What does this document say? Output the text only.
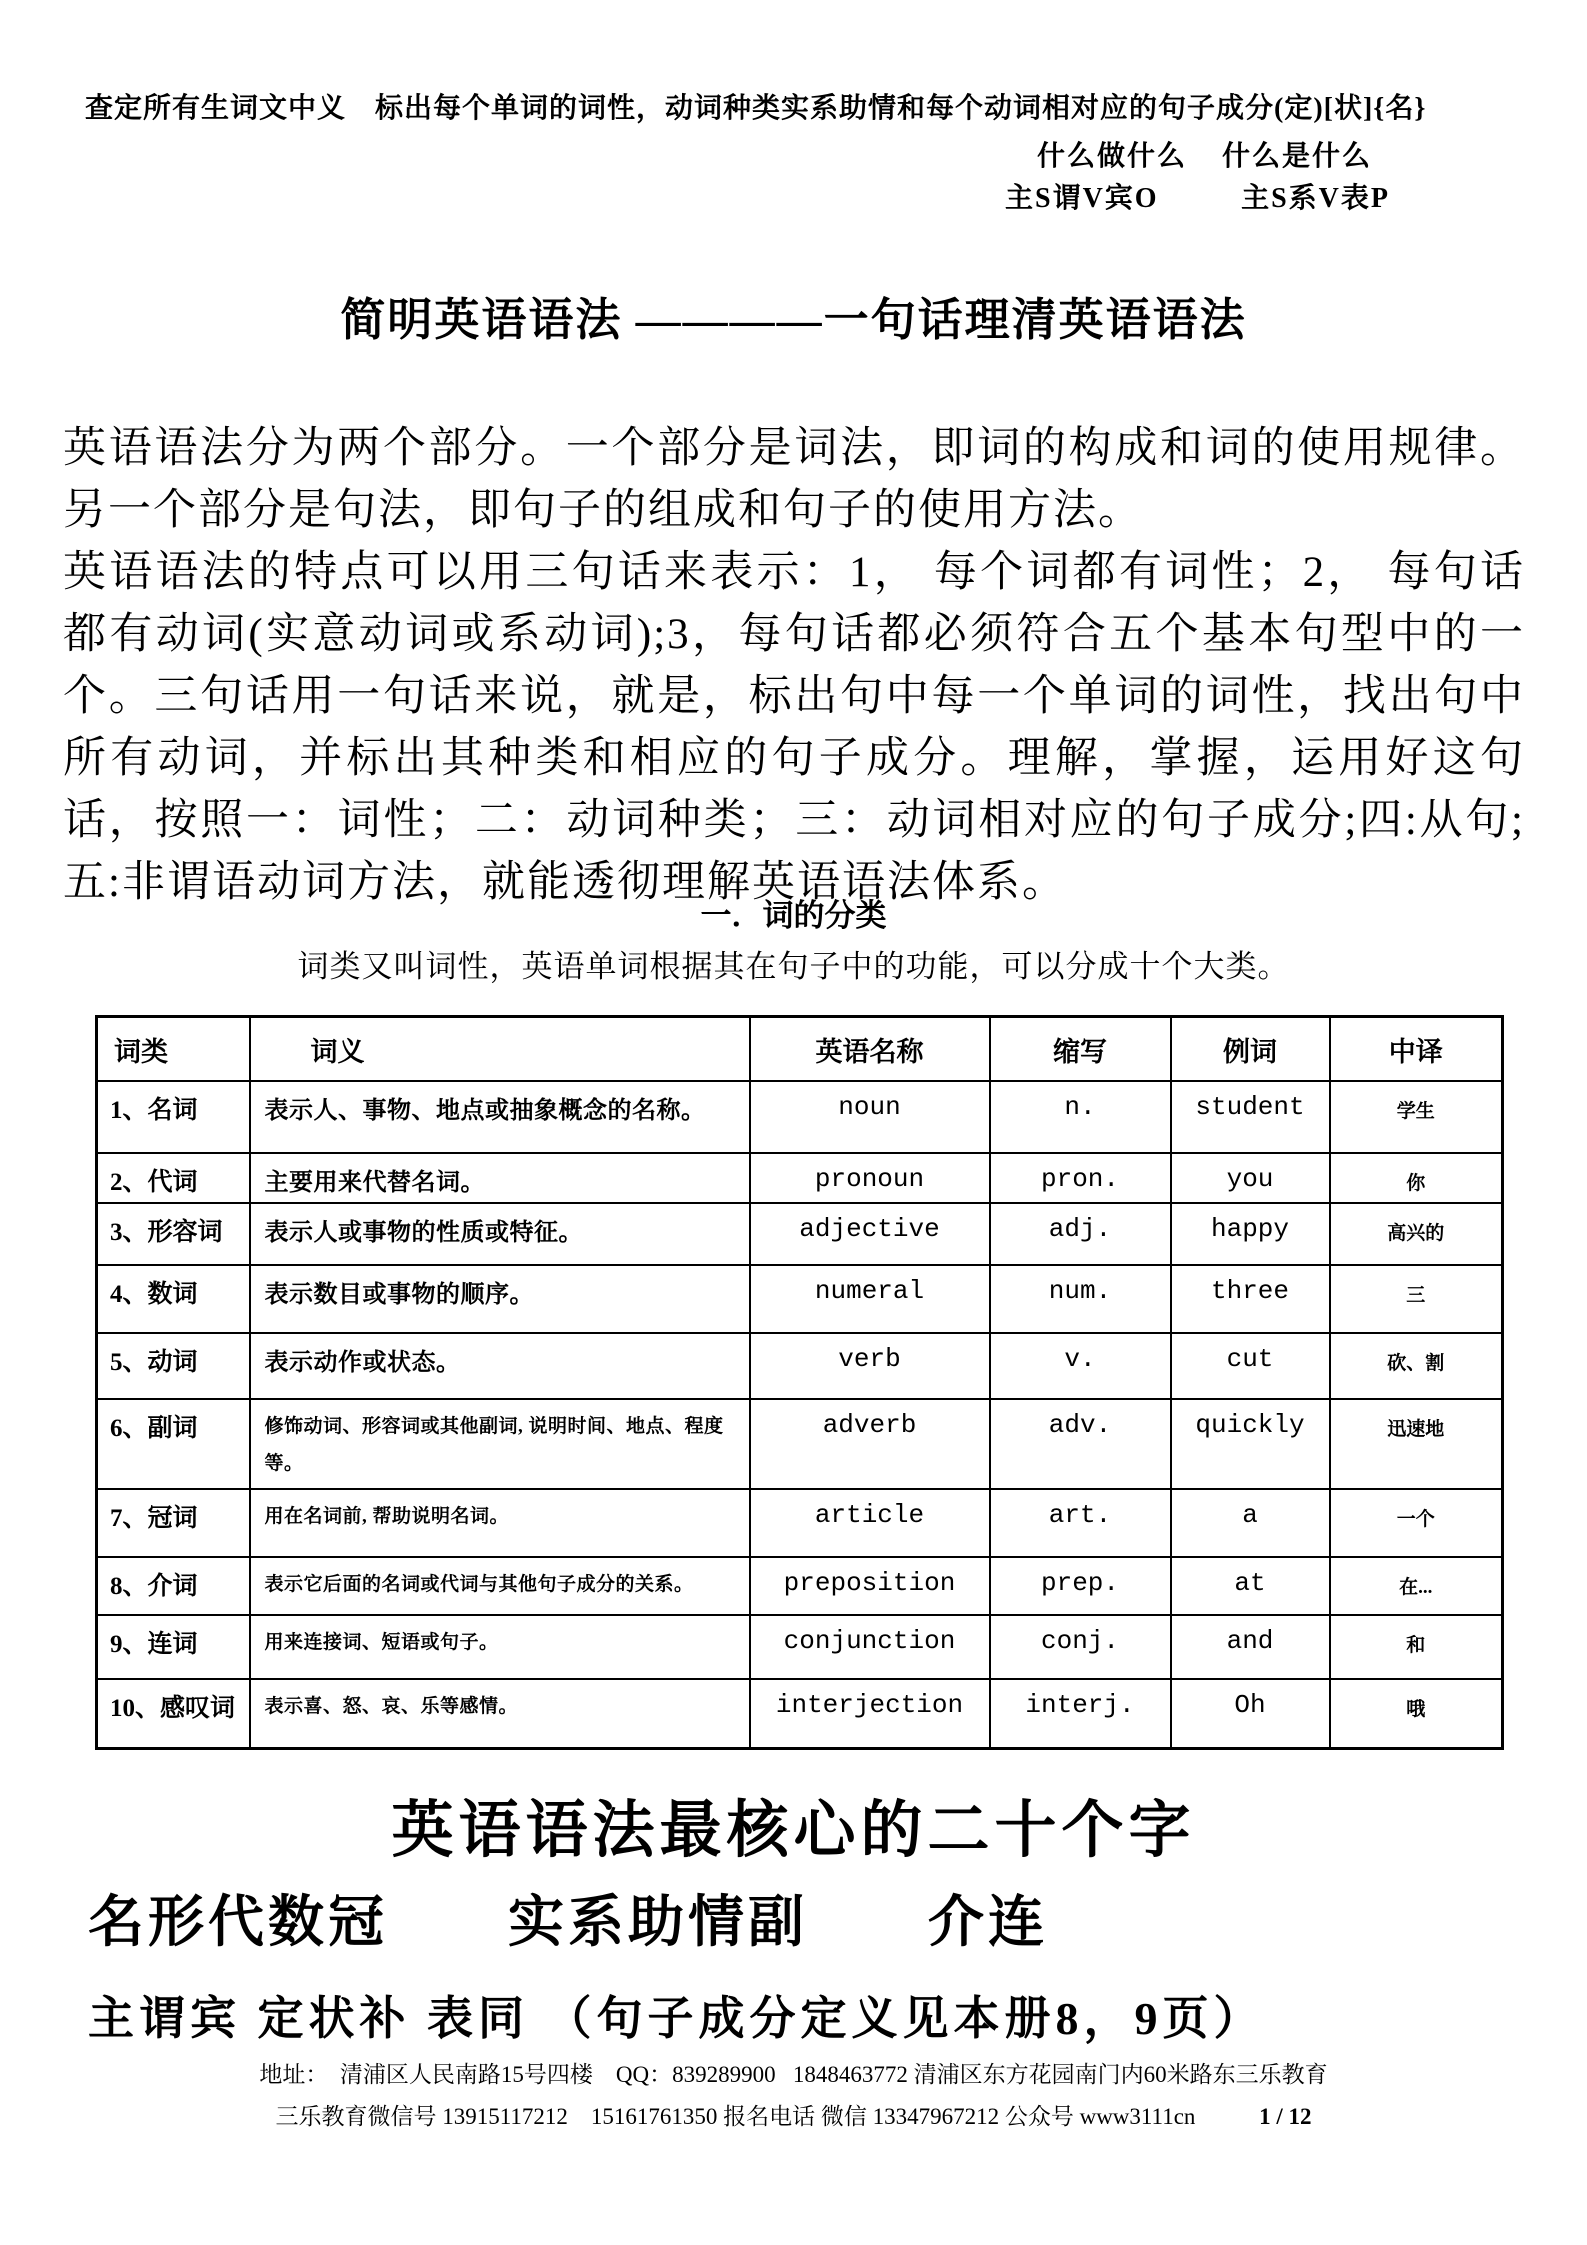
查定所有生词文中义　标出每个单词的词性，动词种类实系助情和每个动词相对应的句子成分(定)[状]{名}
什么做什么 什么是什么
主S谓V宾O	主S系V表P
简明英语语法 ————一句话理清英语语法

英语语法分为两个部分。一个部分是词法，即词的构成和词的使用规律。另一个部分是句法，即句子的组成和句子的使用方法。

英语语法的特点可以用三句话来表示：1， 每个词都有词性；2， 每句话都有动词(实意动词或系动词);3，每句话都必须符合五个基本句型中的一个。三句话用一句话来说，就是，标出句中每一个单词的词性，找出句中所有动词，并标出其种类和相应的句子成分。理解，掌握，运用好这句话，按照一：词性；二：动词种类；三：动词相对应的句子成分;四:从句;五:非谓语动词方法，就能透彻理解英语语法体系。

一．词的分类
词类又叫词性，英语单词根据其在句子中的功能，可以分成十个大类。
词类	词义	英语名称	缩写	例词	中译
1、名词	表示人、事物、地点或抽象概念的名称。	noun	n.	student	学生
2、代词	主要用来代替名词。	pronoun	pron.	you	你
3、形容词	表示人或事物的性质或特征。	adjective	adj.	happy	高兴的
4、数词	表示数目或事物的顺序。	numeral	num.	three	三
5、动词	表示动作或状态。	verb	v.	cut	砍、割
6、副词	修饰动词、形容词或其他副词, 说明时间、地点、程度等。	adverb	adv.	quickly	迅速地
7、冠词	用在名词前, 帮助说明名词。	article	art.	a	一个
8、介词	表示它后面的名词或代词与其他句子成分的关系。	preposition	prep.	at	在...
9、连词	用来连接词、短语或句子。	conjunction	conj.	and	和
10、感叹词	表示喜、怒、哀、乐等感情。	interjection	interj.	Oh	哦
英语语法最核心的二十个字
名形代数冠　　实系助情副　　介连
主谓宾 定状补 表同 （句子成分定义见本册8，9页）
地址：  清浦区人民南路15号四楼    QQ：839289900   1848463772 清浦区东方花园南门内60米路东三乐教育
三乐教育微信号 13915117212    15161761350 报名电话 微信 13347967212 公众号 www3111cn	1 / 12
